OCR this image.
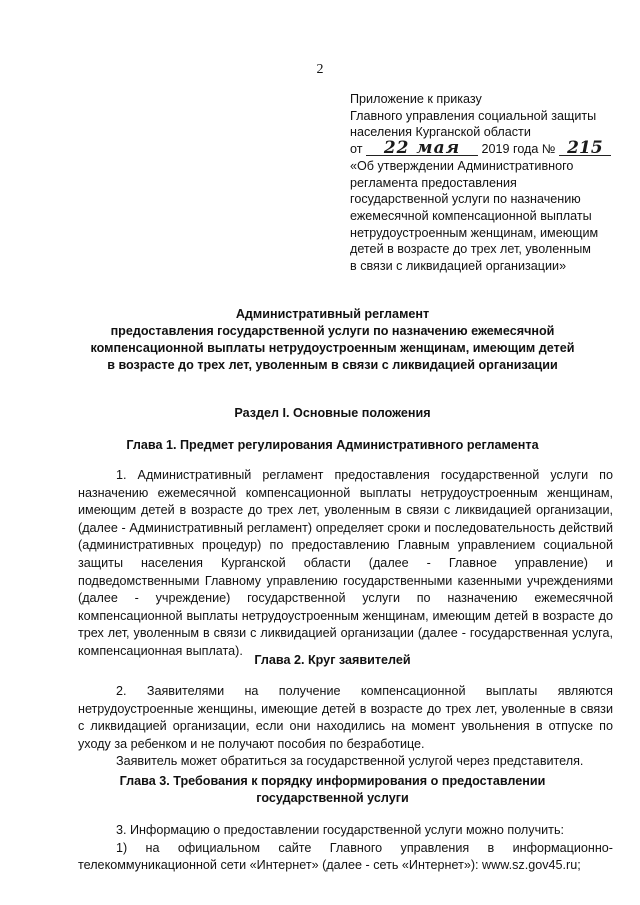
2
Приложение к приказу
Главного управления социальной защиты
населения Курганской области
от 22 мая 2019 года № 215
«Об утверждении Административного
регламента предоставления
государственной услуги по назначению
ежемесячной компенсационной выплаты
нетрудоустроенным женщинам, имеющим
детей в возрасте до трех лет, уволенным
в связи с ликвидацией организации»
Административный регламент
предоставления государственной услуги по назначению ежемесячной
компенсационной выплаты нетрудоустроенным женщинам, имеющим детей
в возрасте до трех лет, уволенным в связи с ликвидацией организации
Раздел I. Основные положения
Глава 1. Предмет регулирования Административного регламента

1. Административный регламент предоставления государственной услуги по назначению ежемесячной компенсационной выплаты нетрудоустроенным женщинам, имеющим детей в возрасте до трех лет, уволенным в связи с ликвидацией организации, (далее - Административный регламент) определяет сроки и последовательность действий (административных процедур) по предоставлению Главным управлением социальной защиты населения Курганской области (далее - Главное управление) и подведомственными Главному управлению государственными казенными учреждениями (далее - учреждение) государственной услуги по назначению ежемесячной компенсационной выплаты нетрудоустроенным женщинам, имеющим детей в возрасте до трех лет, уволенным в связи с ликвидацией организации (далее - государственная услуга, компенсационная выплата).

Глава 2. Круг заявителей

2. Заявителями на получение компенсационной выплаты являются нетрудоустроенные женщины, имеющие детей в возрасте до трех лет, уволенные в связи с ликвидацией организации, если они находились на момент увольнения в отпуске по уходу за ребенком и не получают пособия по безработице.

Заявитель может обратиться за государственной услугой через представителя.

Глава 3. Требования к порядку информирования о предоставлении
государственной услуги

3. Информацию о предоставлении государственной услуги можно получить:

1) на официальном сайте Главного управления в информационно-телекоммуникационной сети «Интернет» (далее - сеть «Интернет»): www.sz.gov45.ru;
